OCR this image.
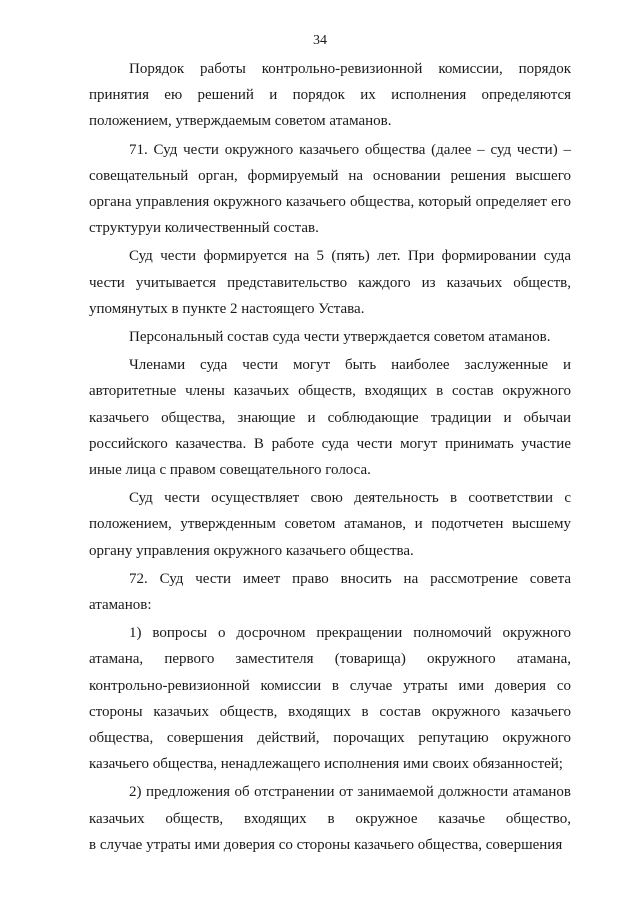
34
Порядок работы контрольно-ревизионной комиссии, порядок
принятия ею решений и порядок их исполнения определяются
положением, утверждаемым советом атаманов.
71. Суд чести окружного казачьего общества (далее – суд чести) –
совещательный орган, формируемый на основании решения высшего
органа управления окружного казачьего общества, который определяет его
структуруи количественный состав.
Суд чести формируется на 5 (пять) лет. При формировании суда
чести учитывается представительство каждого из казачьих обществ,
упомянутых в пункте 2 настоящего Устава.
Персональный состав суда чести утверждается советом атаманов.
Членами суда чести могут быть наиболее заслуженные и
авторитетные члены казачьих обществ, входящих в состав окружного
казачьего общества, знающие и соблюдающие традиции и обычаи
российского казачества. В работе суда чести могут принимать участие
иные лица с правом совещательного голоса.
Суд чести осуществляет свою деятельность в соответствии с
положением, утвержденным советом атаманов, и подотчетен высшему
органу управления окружного казачьего общества.
72. Суд чести имеет право вносить на рассмотрение совета
атаманов:
1) вопросы о досрочном прекращении полномочий окружного
атамана, первого заместителя (товарища) окружного атамана,
контрольно-ревизионной комиссии в случае утраты ими доверия со
стороны казачьих обществ, входящих в состав окружного казачьего
общества, совершения действий, порочащих репутацию окружного
казачьего общества, ненадлежащего исполнения ими своих обязанностей;
2) предложения об отстранении от занимаемой должности атаманов
казачьих обществ, входящих в окружное казачье общество,
в случае утраты ими доверия со стороны казачьего общества, совершения
